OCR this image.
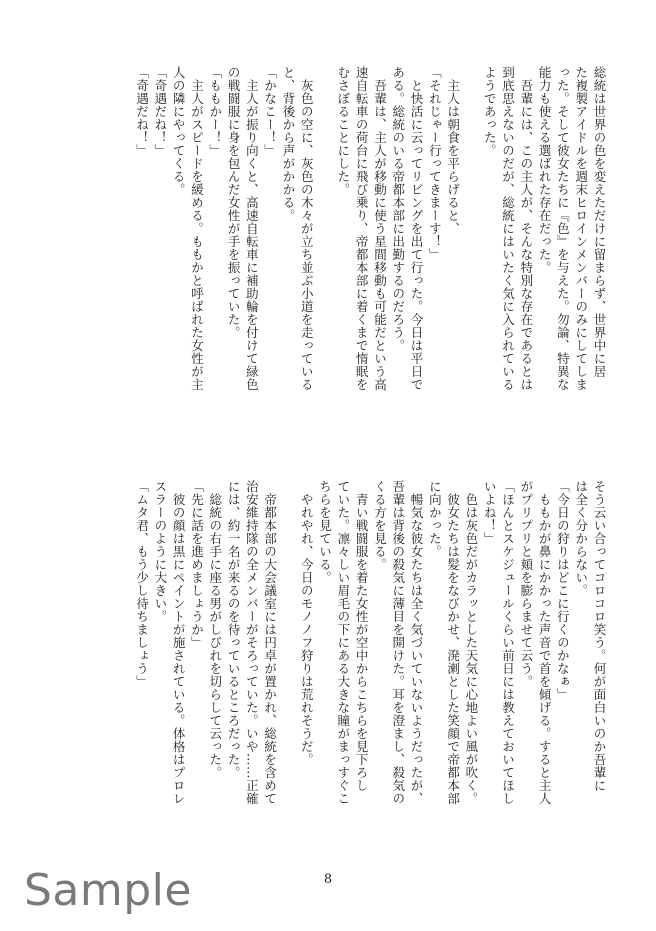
総統は世界の色を変えただけに留まらず、世界中に居
た複製アイドルを週末ヒロインメンバーのみにしてしま
った。そして彼女たちに『色』を与えた。勿論、特異な
能力も使える選ばれた存在だった。
　吾輩には、この主人が、そんな特別な存在であるとは
到底思えないのだが、総統にはいたく気に入られている
ようであった。
　主人は朝食を平らげると、
「それじゃー行ってきまーす！」
　と快活に云ってリビングを出て行った。今日は平日で
ある。総統のいる帝都本部に出勤するのだろう。
　吾輩は、主人が移動に使う星間移動も可能だという高
速自転車の荷台に飛び乗り、帝都本部に着くまで惰眠を
むさぼることにした。
　灰色の空に、灰色の木々が立ち並ぶ小道を走っている
と、背後から声がかかる。
「かなこー！」
　主人が振り向くと、高速自転車に補助輪を付けて緑色
の戦闘服に身を包んだ女性が手を振っていた。
「ももかー！」
　主人がスピードを緩める。ももかと呼ばれた女性が主
人の隣にやってくる。
「奇遇だね！」
「奇遇だね！」
そう云い合ってコロコロ笑う。何が面白いのか吾輩に
は全く分からない。
「今日の狩りはどこに行くのかなぁ」
　ももかが鼻にかかった声音で首を傾げる。すると主人
がプリプリと頬を膨らませて云う。
「ほんとスケジュールくらい前日には教えておいてほし
いよね！」
　色は灰色だがカラッとした天気に心地よい風が吹く。
　彼女たちは髪をなびかせ、溌溂とした笑顔で帝都本部
に向かった。
　暢気な彼女たちは全く気づいていないようだったが、
吾輩は背後の殺気に薄目を開けた。耳を澄まし、殺気の
くる方を見る。
　青い戦闘服を着た女性が空中からこちらを見下ろし
ていた。凛々しい眉毛の下にある大きな瞳がまっすぐこ
ちらを見ている。
　やれやれ、今日のモノノフ狩りは荒れそうだ。
　帝都本部の大会議室には円卓が置かれ、総統を含めて
治安維持隊の全メンバーがそろっていた。いや……正確
には、約一名が来るのを待っているところだった。
　総統の右手に座る男がしびれを切らして云った。
「先に話を進めましょうか」
　彼の顔は黒にペイントが施されている。体格はプロレ
スラーのように大きい。
「ムタ君、もう少し待ちましょう」
8
Sample
